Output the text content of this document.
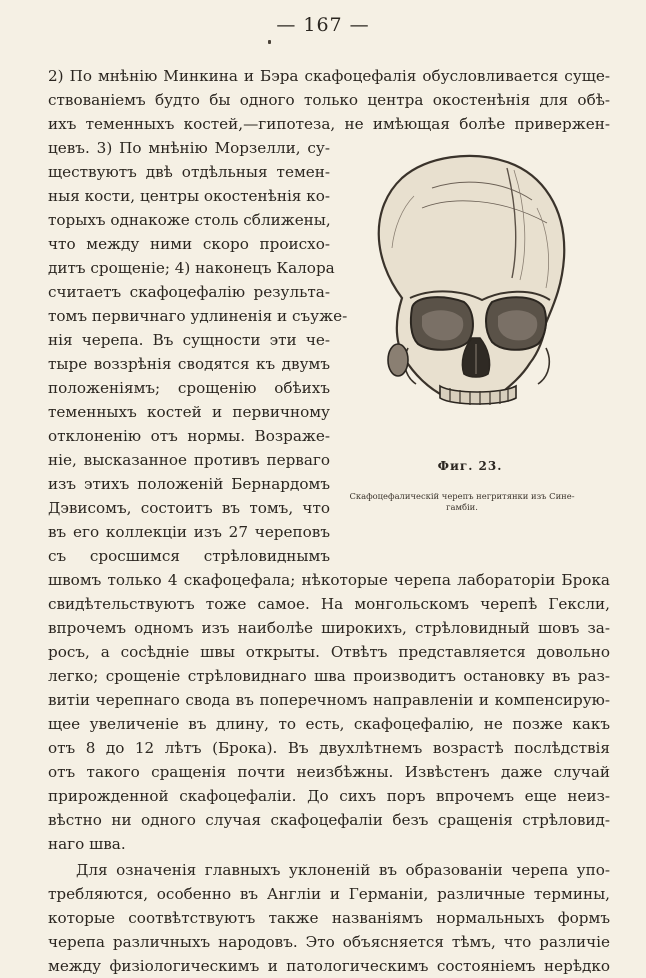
— 167 —
2) По мнѣнію Минкина и Бэра скафоцефалія обусловливается суще-
ствованіемъ будто бы одного только центра окостенѣнія для обѣ-
ихъ теменныхъ костей,—гипотеза, не имѣющая болѣе привержен-
цевъ. 3) По мнѣнію Морзелли, су-
ществуютъ двѣ отдѣльныя темен-
ныя кости, центры окостенѣнія ко-
торыхъ однакоже столь сближены,
что между ними скоро происхо-
дитъ срощеніе; 4) наконецъ Калора
считаетъ скафоцефалію результа-
томъ первичнаго удлиненія и съуже-
нія черепа. Въ сущности эти че-
тыре воззрѣнія сводятся къ двумъ
положеніямъ; срощенію обѣихъ
теменныхъ костей и первичному
отклоненію отъ нормы. Возраже-
ніе, высказанное противъ перваго
изъ этихъ положеній Бернардомъ
Дэвисомъ, состоитъ въ томъ, что
въ его коллекціи изъ 27 череповъ
съ сросшимся стрѣловиднымъ
швомъ только 4 скафоцефала; нѣкоторые черепа лабораторіи Брока
свидѣтельствуютъ тоже самое. На монгольскомъ черепѣ Гексли,
впрочемъ одномъ изъ наиболѣе широкихъ, стрѣловидный шовъ за-
росъ, а сосѣдніе швы открыты. Отвѣтъ представляется довольно
легко; срощеніе стрѣловиднаго шва производитъ остановку въ раз-
витіи черепнаго свода въ поперечномъ направленіи и компенсирую-
щее увеличеніе въ длину, то есть, скафоцефалію, не позже какъ
отъ 8 до 12 лѣтъ (Брока). Въ двухлѣтнемъ возрастѣ послѣдствія
отъ такого сращенія почти неизбѣжны. Извѣстенъ даже случай
прирожденной скафоцефаліи. До сихъ поръ впрочемъ еще неиз-
вѣстно ни одного случая скафоцефаліи безъ сращенія стрѣловид-
наго шва.
Для означенія главныхъ уклоненій въ образованіи черепа упо-
требляются, особенно въ Англіи и Германіи, различные термины,
которые соотвѣтствуютъ также названіямъ нормальныхъ формъ
черепа различныхъ народовъ. Это объясняется тѣмъ, что различіе
между физіологическимъ и патологическимъ состояніемъ нерѣдко
Фиг. 23.
Скафоцефалическій черепъ негритянки изъ Сине-
гамбіи.
